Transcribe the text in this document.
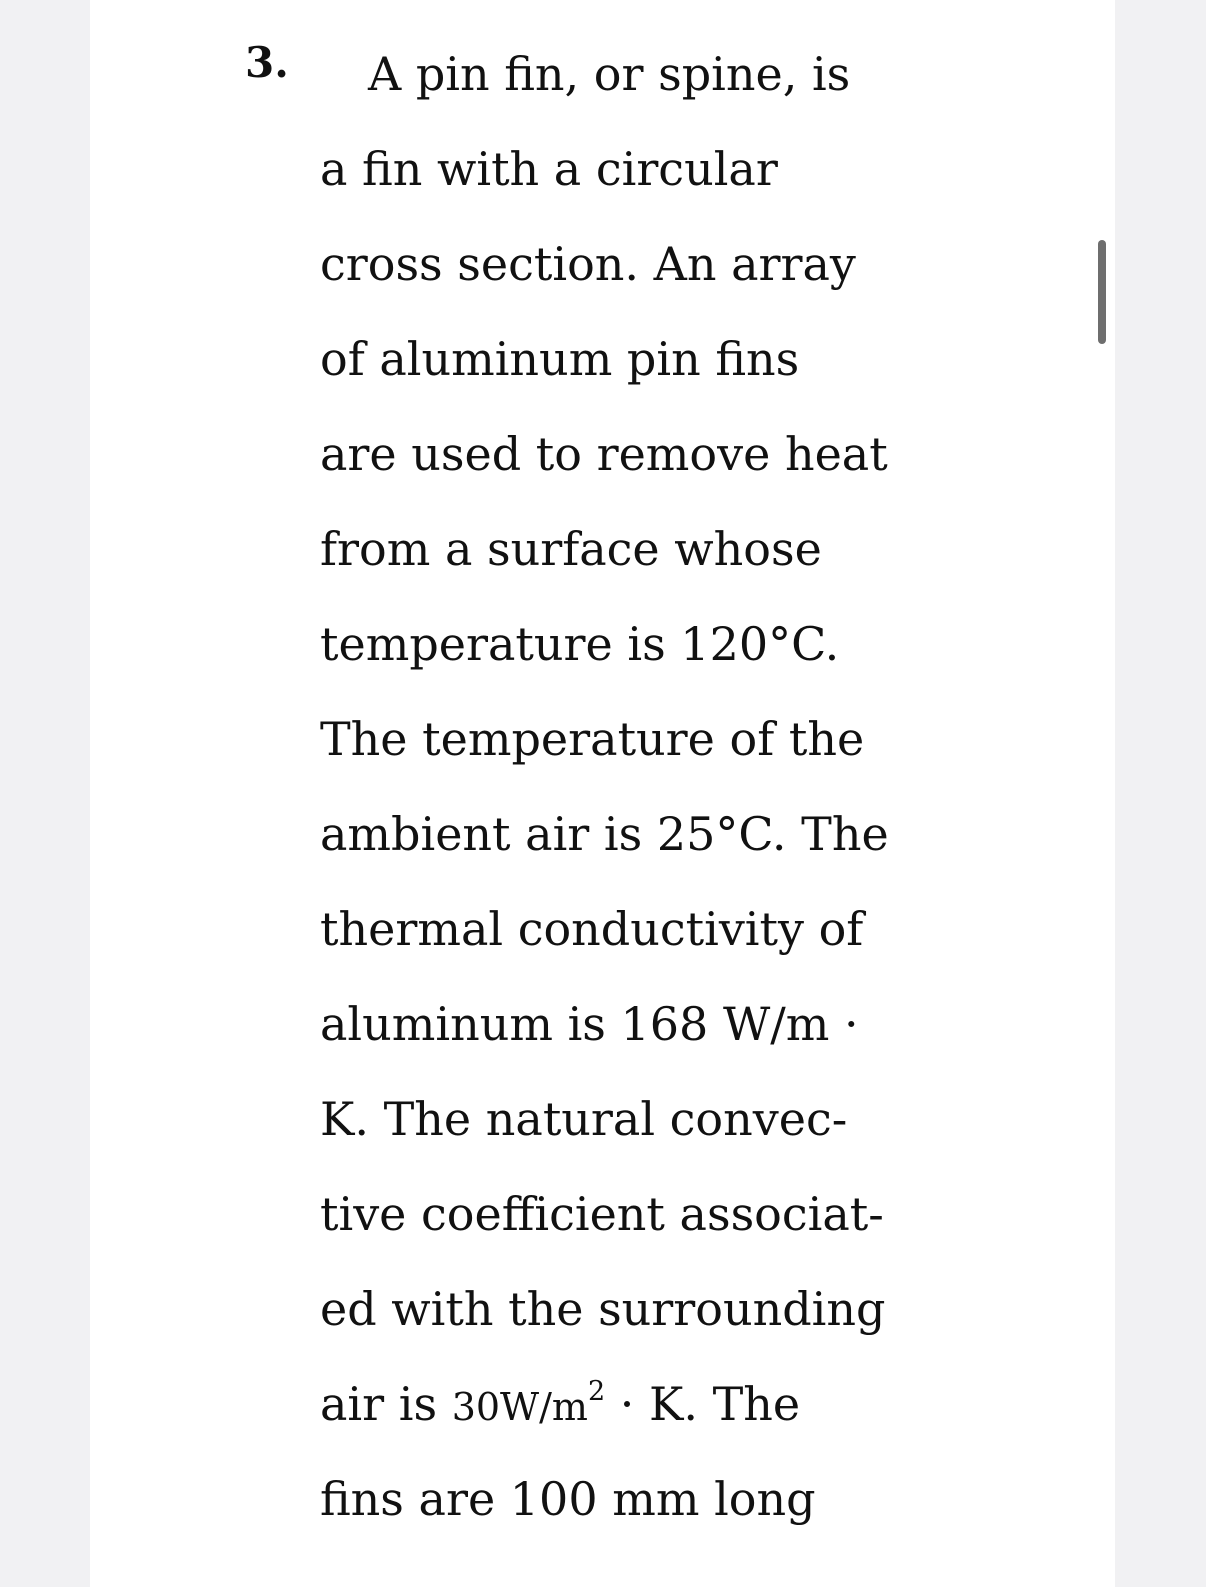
3. A pin fin, or spine, is
a fin with a circular
cross section. An array
of aluminum pin fins
are used to remove heat
from a surface whose
temperature is 120°C.
The temperature of the
ambient air is 25°C. The
thermal conductivity of
aluminum is 168 W/m ·
K. The natural convec-
tive coefficient associat-
ed with the surrounding
air is $30W/m^2 \cdot K$. The
fins are 100 mm long
